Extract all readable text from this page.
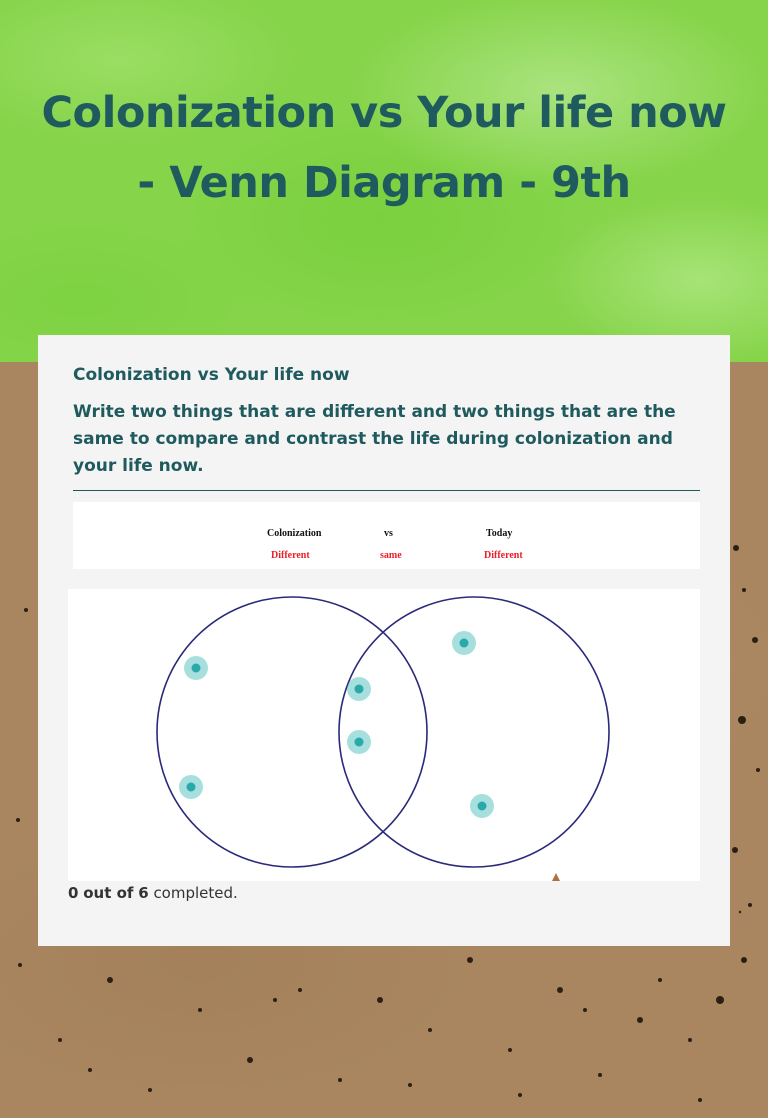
Colonization vs Your life now - Venn Diagram - 9th
Colonization vs Your life now

Write two things that are different and two things that are the same to compare and contrast the life during colonization and your life now.

Colonization	vs	Today
Different	same	Different
0 out of 6 completed.
